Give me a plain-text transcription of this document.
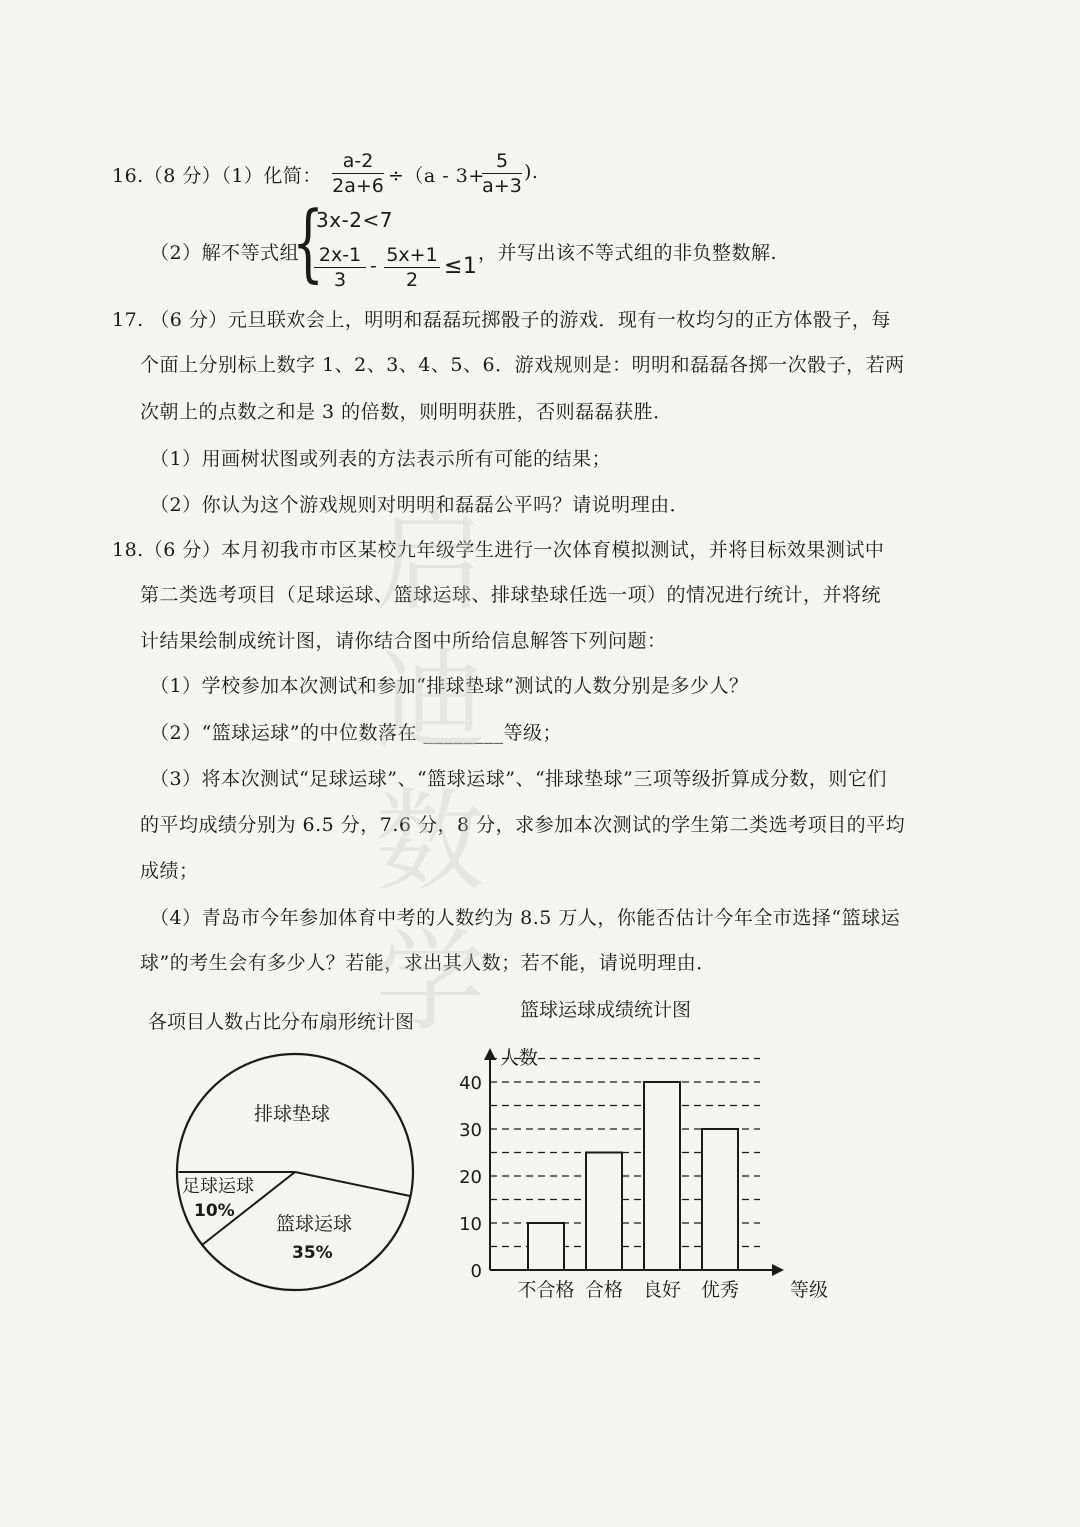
16.（8 分）（1）化简：
a-2
2a+6 ÷（a - 3+
5
a+3
).
（2）解不等式组
{
3x-2<7
2x-1
3
- 5x+1
2
≤1
，并写出该不等式组的非负整数解.
17. （6 分）元旦联欢会上，明明和磊磊玩掷骰子的游戏．现有一枚均匀的正方体骰子，每
个面上分别标上数字 1、2、3、4、5、6．游戏规则是：明明和磊磊各掷一次骰子，若两
次朝上的点数之和是 3 的倍数，则明明获胜，否则磊磊获胜．
（1）用画树状图或列表的方法表示所有可能的结果；
（2）你认为这个游戏规则对明明和磊磊公平吗？请说明理由．
18.（6 分）本月初我市市区某校九年级学生进行一次体育模拟测试，并将目标效果测试中
第二类选考项目（足球运球、篮球运球、排球垫球任选一项）的情况进行统计，并将统
计结果绘制成统计图，请你结合图中所给信息解答下列问题：
（1）学校参加本次测试和参加“排球垫球”测试的人数分别是多少人？
（2）“篮球运球”的中位数落在 ________等级；
（3）将本次测试“足球运球”、“篮球运球”、“排球垫球”三项等级折算成分数，则它们
的平均成绩分别为 6.5 分，7.6 分，8 分，求参加本次测试的学生第二类选考项目的平均
成绩；
（4）青岛市今年参加体育中考的人数约为 8.5 万人，你能否估计今年全市选择“篮球运
球”的考生会有多少人？若能，求出其人数；若不能，请说明理由．
各项目人数占比分布扇形统计图
排球垫球
足球运球
10%
篮球运球
35%
篮球运球成绩统计图
人数
等级
不合格 合格 良好 优秀
0
10
20
30
40
启迪数学
